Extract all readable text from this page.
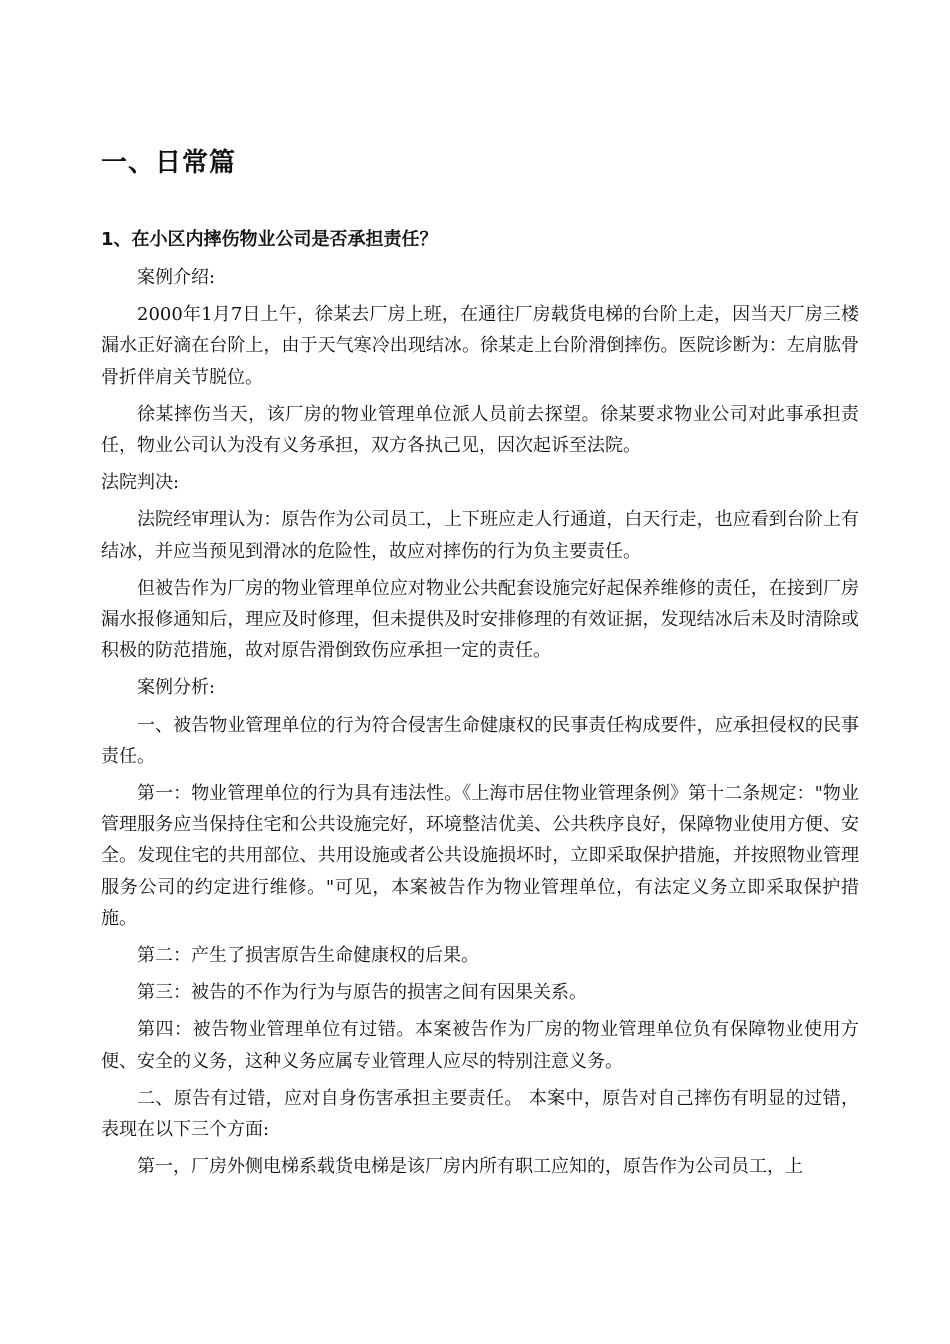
一、日常篇
1、在小区内摔伤物业公司是否承担责任？

案例介绍:

2000年1月7日上午，徐某去厂房上班，在通往厂房载货电梯的台阶上走，因当天厂房三楼漏水正好滴在台阶上，由于天气寒冷出现结冰。徐某走上台阶滑倒摔伤。医院诊断为：左肩肱骨骨折伴肩关节脱位。

徐某摔伤当天，该厂房的物业管理单位派人员前去探望。徐某要求物业公司对此事承担责任，物业公司认为没有义务承担，双方各执己见，因次起诉至法院。

法院判决:

法院经审理认为：原告作为公司员工，上下班应走人行通道，白天行走，也应看到台阶上有结冰，并应当预见到滑冰的危险性，故应对摔伤的行为负主要责任。

但被告作为厂房的物业管理单位应对物业公共配套设施完好起保养维修的责任，在接到厂房漏水报修通知后，理应及时修理，但未提供及时安排修理的有效证据，发现结冰后未及时清除或积极的防范措施，故对原告滑倒致伤应承担一定的责任。

案例分析:

一、被告物业管理单位的行为符合侵害生命健康权的民事责任构成要件，应承担侵权的民事责任。

第一：物业管理单位的行为具有违法性。《上海市居住物业管理条例》第十二条规定："物业管理服务应当保持住宅和公共设施完好，环境整洁优美、公共秩序良好，保障物业使用方便、安全。发现住宅的共用部位、共用设施或者公共设施损坏时，立即采取保护措施，并按照物业管理服务公司的约定进行维修。"可见，本案被告作为物业管理单位，有法定义务立即采取保护措施。

第二：产生了损害原告生命健康权的后果。

第三：被告的不作为行为与原告的损害之间有因果关系。

第四：被告物业管理单位有过错。本案被告作为厂房的物业管理单位负有保障物业使用方便、安全的义务，这种义务应属专业管理人应尽的特别注意义务。

二、原告有过错，应对自身伤害承担主要责任。 本案中，原告对自己摔伤有明显的过错，表现在以下三个方面:

第一，厂房外侧电梯系载货电梯是该厂房内所有职工应知的，原告作为公司员工，上
